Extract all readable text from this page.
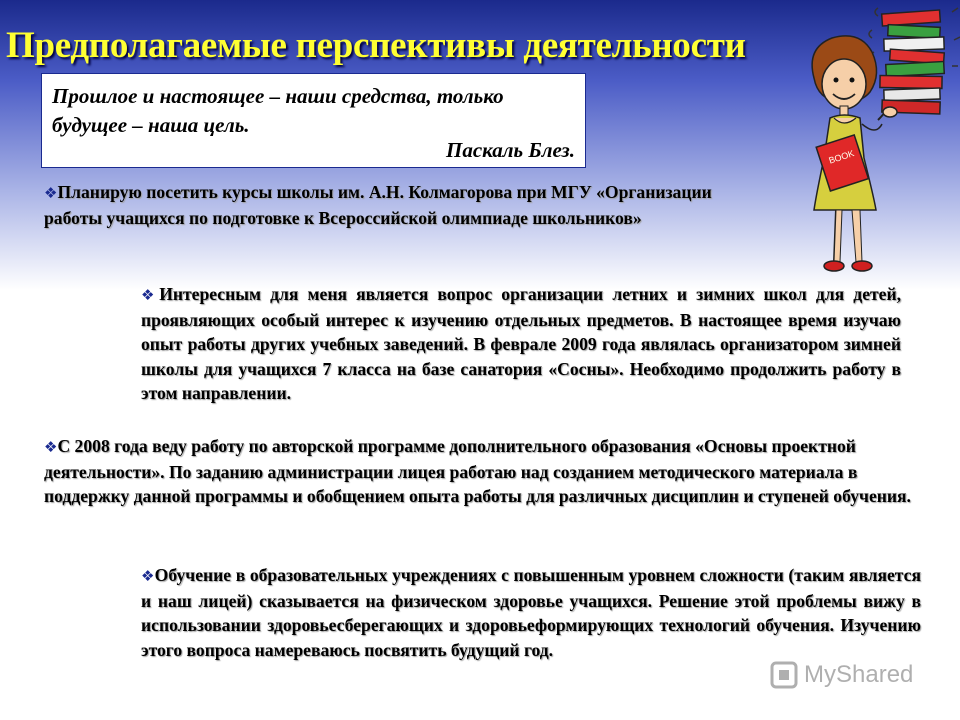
Предполагаемые перспективы деятельности

Прошлое и настоящее – наши средства, только
будущее – наша цель.

Паскаль Блез.

❖Планирую посетить курсы школы им. А.Н. Колмагорова при МГУ «Организации работы учащихся по подготовке к Всероссийской олимпиаде школьников»

❖Интересным для меня является вопрос организации летних и зимних школ для детей, проявляющих особый интерес к изучению отдельных предметов. В настоящее время изучаю опыт работы других учебных заведений. В феврале 2009 года являлась организатором зимней школы для учащихся 7 класса на базе санатория «Сосны». Необходимо продолжить работу в этом направлении.

❖С 2008 года веду работу по авторской программе дополнительного образования «Основы проектной деятельности». По заданию администрации лицея работаю над созданием методического материала в поддержку данной программы и обобщением опыта работы для различных дисциплин и ступеней обучения.

❖Обучение в образовательных учреждениях с повышенным уровнем сложности (таким является и наш лицей) сказывается на физическом здоровье учащихся. Решение этой проблемы вижу в использовании здоровьесберегающих и здоровьеформирующих технологий обучения. Изучению этого вопроса намереваюсь посвятить будущий год.

BOOK
MyShared
